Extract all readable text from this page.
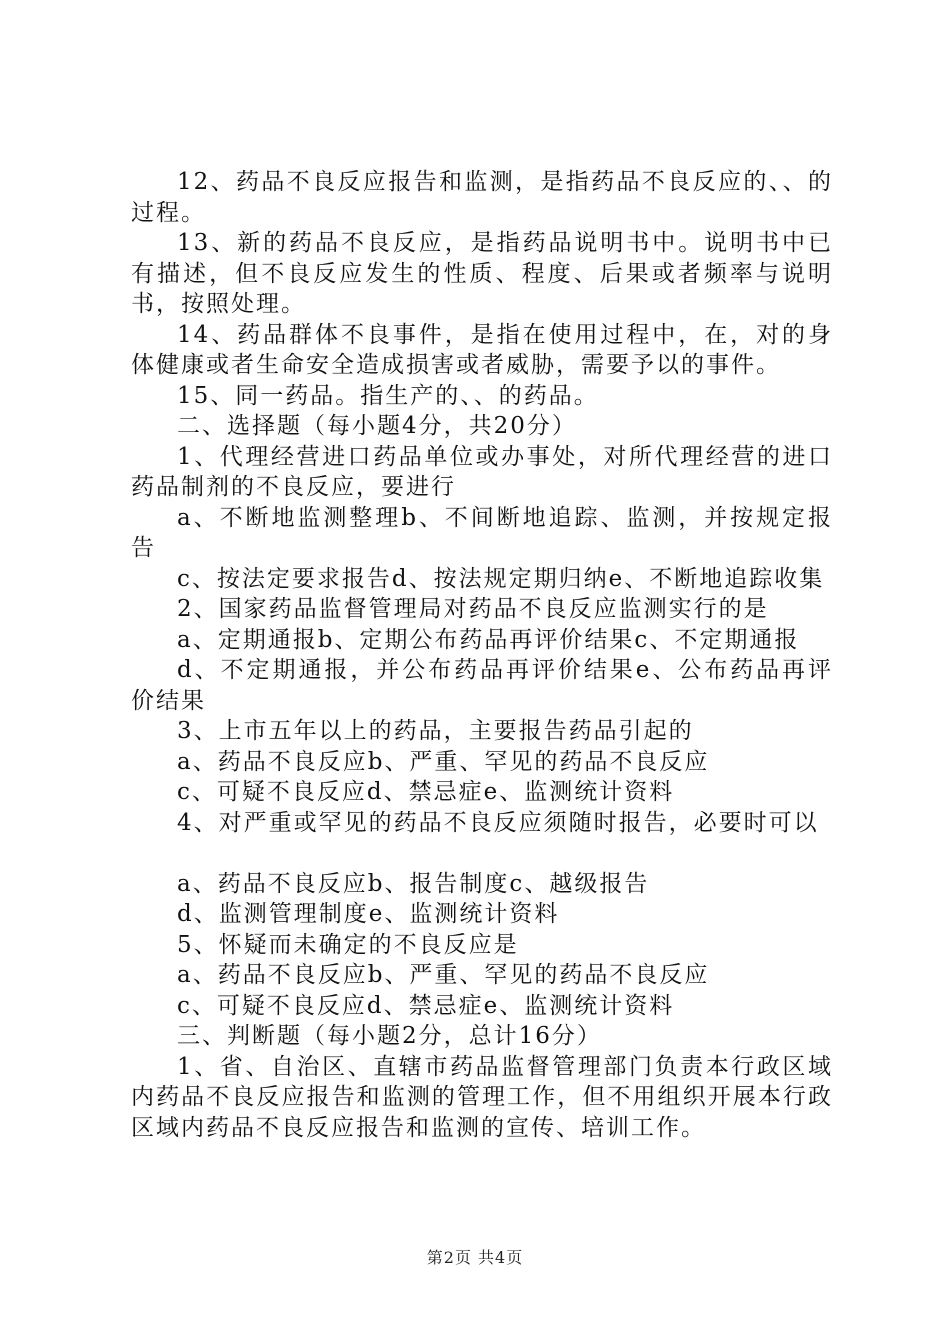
12、药品不良反应报告和监测，是指药品不良反应的、、的过程。

13、新的药品不良反应，是指药品说明书中。说明书中已有描述，但不良反应发生的性质、程度、后果或者频率与说明书，按照处理。

14、药品群体不良事件，是指在使用过程中，在，对的身体健康或者生命安全造成损害或者威胁，需要予以的事件。

15、同一药品。指生产的、、的药品。

二、选择题（每小题4分，共20分）

1、代理经营进口药品单位或办事处，对所代理经营的进口药品制剂的不良反应，要进行

a、不断地监测整理b、不间断地追踪、监测，并按规定报告

c、按法定要求报告d、按法规定期归纳e、不断地追踪收集

2、国家药品监督管理局对药品不良反应监测实行的是

a、定期通报b、定期公布药品再评价结果c、不定期通报

d、不定期通报，并公布药品再评价结果e、公布药品再评价结果

3、上市五年以上的药品，主要报告药品引起的

a、药品不良反应b、严重、罕见的药品不良反应

c、可疑不良反应d、禁忌症e、监测统计资料

4、对严重或罕见的药品不良反应须随时报告，必要时可以

a、药品不良反应b、报告制度c、越级报告

d、监测管理制度e、监测统计资料

5、怀疑而未确定的不良反应是

a、药品不良反应b、严重、罕见的药品不良反应

c、可疑不良反应d、禁忌症e、监测统计资料

三、判断题（每小题2分，总计16分）

1、省、自治区、直辖市药品监督管理部门负责本行政区域内药品不良反应报告和监测的管理工作，但不用组织开展本行政区域内药品不良反应报告和监测的宣传、培训工作。

第2页 共4页
